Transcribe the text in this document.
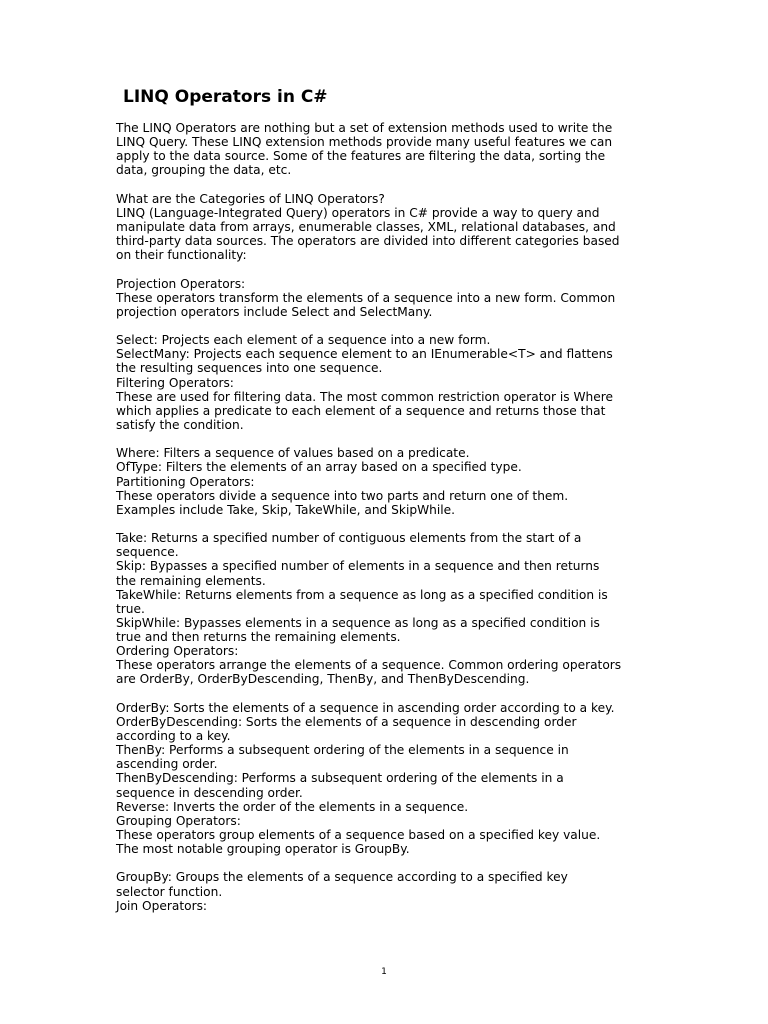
LINQ Operators in C#
The LINQ Operators are nothing but a set of extension methods used to write the
LINQ Query. These LINQ extension methods provide many useful features we can
apply to the data source. Some of the features are filtering the data, sorting the
data, grouping the data, etc.
What are the Categories of LINQ Operators?
LINQ (Language-Integrated Query) operators in C# provide a way to query and
manipulate data from arrays, enumerable classes, XML, relational databases, and
third-party data sources. The operators are divided into different categories based
on their functionality:
Projection Operators:
These operators transform the elements of a sequence into a new form. Common
projection operators include Select and SelectMany.
Select: Projects each element of a sequence into a new form.
SelectMany: Projects each sequence element to an IEnumerable<T> and flattens
the resulting sequences into one sequence.
Filtering Operators:
These are used for filtering data. The most common restriction operator is Where
which applies a predicate to each element of a sequence and returns those that
satisfy the condition.
Where: Filters a sequence of values based on a predicate.
OfType: Filters the elements of an array based on a specified type.
Partitioning Operators:
These operators divide a sequence into two parts and return one of them.
Examples include Take, Skip, TakeWhile, and SkipWhile.
Take: Returns a specified number of contiguous elements from the start of a
sequence.
Skip: Bypasses a specified number of elements in a sequence and then returns
the remaining elements.
TakeWhile: Returns elements from a sequence as long as a specified condition is
true.
SkipWhile: Bypasses elements in a sequence as long as a specified condition is
true and then returns the remaining elements.
Ordering Operators:
These operators arrange the elements of a sequence. Common ordering operators
are OrderBy, OrderByDescending, ThenBy, and ThenByDescending.
OrderBy: Sorts the elements of a sequence in ascending order according to a key.
OrderByDescending: Sorts the elements of a sequence in descending order
according to a key.
ThenBy: Performs a subsequent ordering of the elements in a sequence in
ascending order.
ThenByDescending: Performs a subsequent ordering of the elements in a
sequence in descending order.
Reverse: Inverts the order of the elements in a sequence.
Grouping Operators:
These operators group elements of a sequence based on a specified key value.
The most notable grouping operator is GroupBy.
GroupBy: Groups the elements of a sequence according to a specified key
selector function.
Join Operators:
1
